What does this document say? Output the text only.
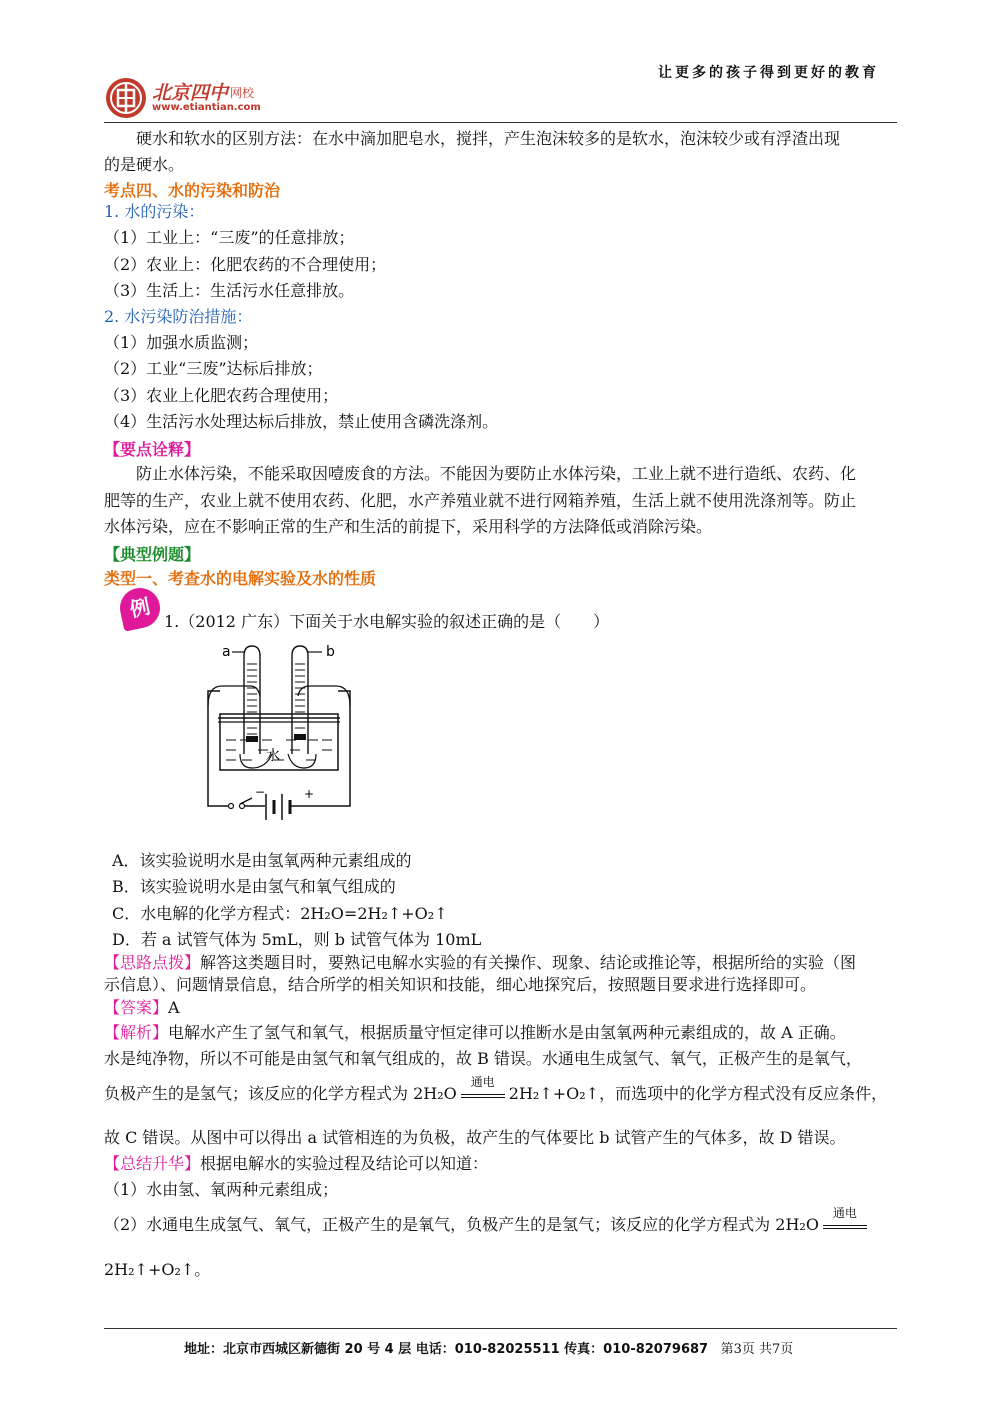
让更多的孩子得到更好的教育
北京四中 网校
www.etiantian.com
硬水和软水的区别方法：在水中滴加肥皂水，搅拌，产生泡沫较多的是软水，泡沫较少或有浮渣出现
的是硬水。
考点四、水的污染和防治
1. 水的污染：
（1）工业上：“三废”的任意排放；
（2）农业上：化肥农药的不合理使用；
（3）生活上：生活污水任意排放。
2. 水污染防治措施：
（1）加强水质监测；
（2）工业“三废”达标后排放；
（3）农业上化肥农药合理使用；
（4）生活污水处理达标后排放，禁止使用含磷洗涤剂。
【要点诠释】
防止水体污染，不能采取因噎废食的方法。不能因为要防止水体污染，工业上就不进行造纸、农药、化
肥等的生产，农业上就不使用农药、化肥，水产养殖业就不进行网箱养殖，生活上就不使用洗涤剂等。防止
水体污染，应在不影响正常的生产和生活的前提下，采用科学的方法降低或消除污染。
【典型例题】
类型一、考查水的电解实验及水的性质
例 1.（2012 广东）下面关于水电解实验的叙述正确的是（　　）
−	+
a	b
水
A．该实验说明水是由氢氧两种元素组成的
B．该实验说明水是由氢气和氧气组成的
C．水电解的化学方程式：2H₂O=2H₂↑+O₂↑
D．若 a 试管气体为 5mL，则 b 试管气体为 10mL
【思路点拨】解答这类题目时，要熟记电解水实验的有关操作、现象、结论或推论等，根据所给的实验（图
示信息）、问题情景信息，结合所学的相关知识和技能，细心地探究后，按照题目要求进行选择即可。
【答案】A
【解析】电解水产生了氢气和氧气，根据质量守恒定律可以推断水是由氢氧两种元素组成的，故 A 正确。
水是纯净物，所以不可能是由氢气和氧气组成的，故 B 错误。水通电生成氢气、氧气，正极产生的是氧气，
负极产生的是氢气；该反应的化学方程式为 2H₂O
通电
2H₂↑+O₂↑，而选项中的化学方程式没有反应条件，
故 C 错误。从图中可以得出 a 试管相连的为负极，故产生的气体要比 b 试管产生的气体多，故 D 错误。
【总结升华】根据电解水的实验过程及结论可以知道：
（1）水由氢、氧两种元素组成；
（2）水通电生成氢气、氧气，正极产生的是氧气，负极产生的是氢气；该反应的化学方程式为 2H₂O
通电
2H₂↑+O₂↑。
地址：北京市西城区新德街 20 号 4 层 电话：010-82025511 传真：010-82079687 第3页 共7页
